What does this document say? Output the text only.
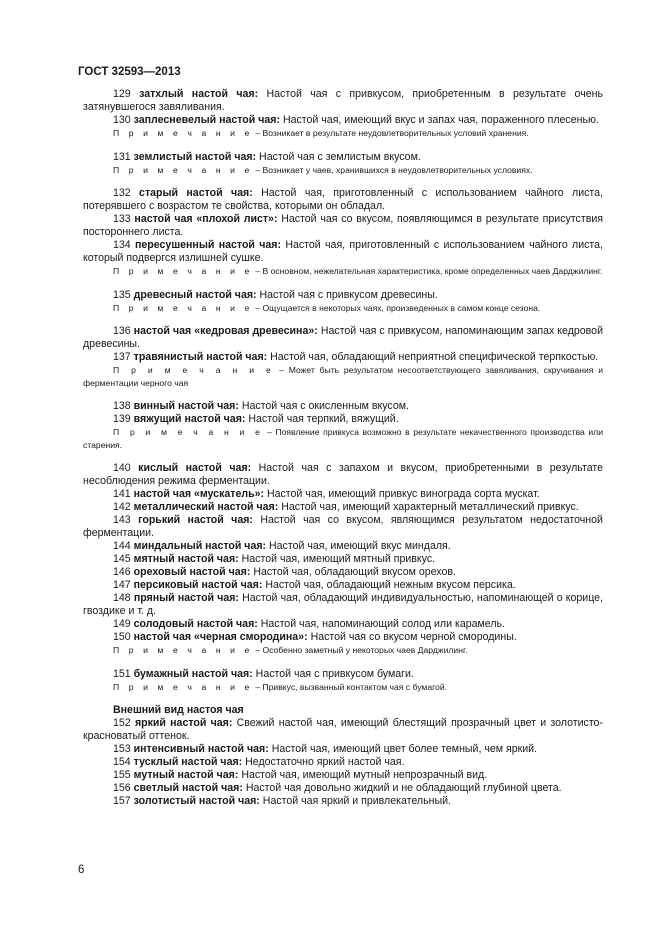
ГОСТ 32593—2013

129 затхлый настой чая: Настой чая с привкусом, приобретенным в результате очень затянувшегося завяливания.

130 заплесневелый настой чая: Настой чая, имеющий вкус и запах чая, пораженного плесенью.

П р и м е ч а н и е – Возникает в результате неудовлетворительных условий хранения.

131 землистый настой чая: Настой чая с землистым вкусом.

П р и м е ч а н и е – Возникает у чаев, хранившихся в неудовлетворительных условиях.

132 старый настой чая: Настой чая, приготовленный с использованием чайного листа, потерявшего с возрастом те свойства, которыми он обладал.

133 настой чая «плохой лист»: Настой чая со вкусом, появляющимся в результате присутствия постороннего листа.

134 пересушенный настой чая: Настой чая, приготовленный с использованием чайного листа, который подвергся излишней сушке.

П р и м е ч а н и е – В основном, нежелательная характеристика, кроме определенных чаев Дарджилинг.

135 древесный настой чая: Настой чая с привкусом древесины.

П р и м е ч а н и е – Ощущается в некоторых чаях, произведенных в самом конце сезона.

136 настой чая «кедровая древесина»: Настой чая с привкусом, напоминающим запах кедровой древесины.

137 травянистый настой чая: Настой чая, обладающий неприятной специфической терпкостью.

П р и м е ч а н и е – Может быть результатом несоответствующего завяливания, скручивания и ферментации черного чая

138 винный настой чая: Настой чая с окисленным вкусом.

139 вяжущий настой чая: Настой чая терпкий, вяжущий.

П р и м е ч а н и е – Появление привкуса возможно в результате некачественного производства или старения.

140 кислый настой чая: Настой чая с запахом и вкусом, приобретенными в результате несоблюдения режима ферментации.

141 настой чая «мускатель»: Настой чая, имеющий привкус винограда сорта мускат.

142 металлический настой чая: Настой чая, имеющий характерный металлический привкус.

143 горький настой чая: Настой чая со вкусом, являющимся результатом недостаточной ферментации.

144 миндальный настой чая: Настой чая, имеющий вкус миндаля.

145 мятный настой чая: Настой чая, имеющий мятный привкус.

146 ореховый настой чая: Настой чая, обладающий вкусом орехов.

147 персиковый настой чая: Настой чая, обладающий нежным вкусом персика.

148 пряный настой чая: Настой чая, обладающий индивидуальностью, напоминающей о корице, гвоздике и т. д.

149 солодовый настой чая: Настой чая, напоминающий солод или карамель.

150 настой чая «черная смородина»: Настой чая со вкусом черной смородины.

П р и м е ч а н и е – Особенно заметный у некоторых чаев Дарджилинг.

151 бумажный настой чая: Настой чая с привкусом бумаги.

П р и м е ч а н и е – Привкус, вызванный контактом чая с бумагой.

Внешний вид настоя чая

152 яркий настой чая: Свежий настой чая, имеющий блестящий прозрачный цвет и золотисто-красноватый оттенок.

153 интенсивный настой чая: Настой чая, имеющий цвет более темный, чем яркий.

154 тусклый настой чая: Недостаточно яркий настой чая.

155 мутный настой чая: Настой чая, имеющий мутный непрозрачный вид.

156 светлый настой чая: Настой чая довольно жидкий и не обладающий глубиной цвета.

157 золотистый настой чая: Настой чая яркий и привлекательный.

6
